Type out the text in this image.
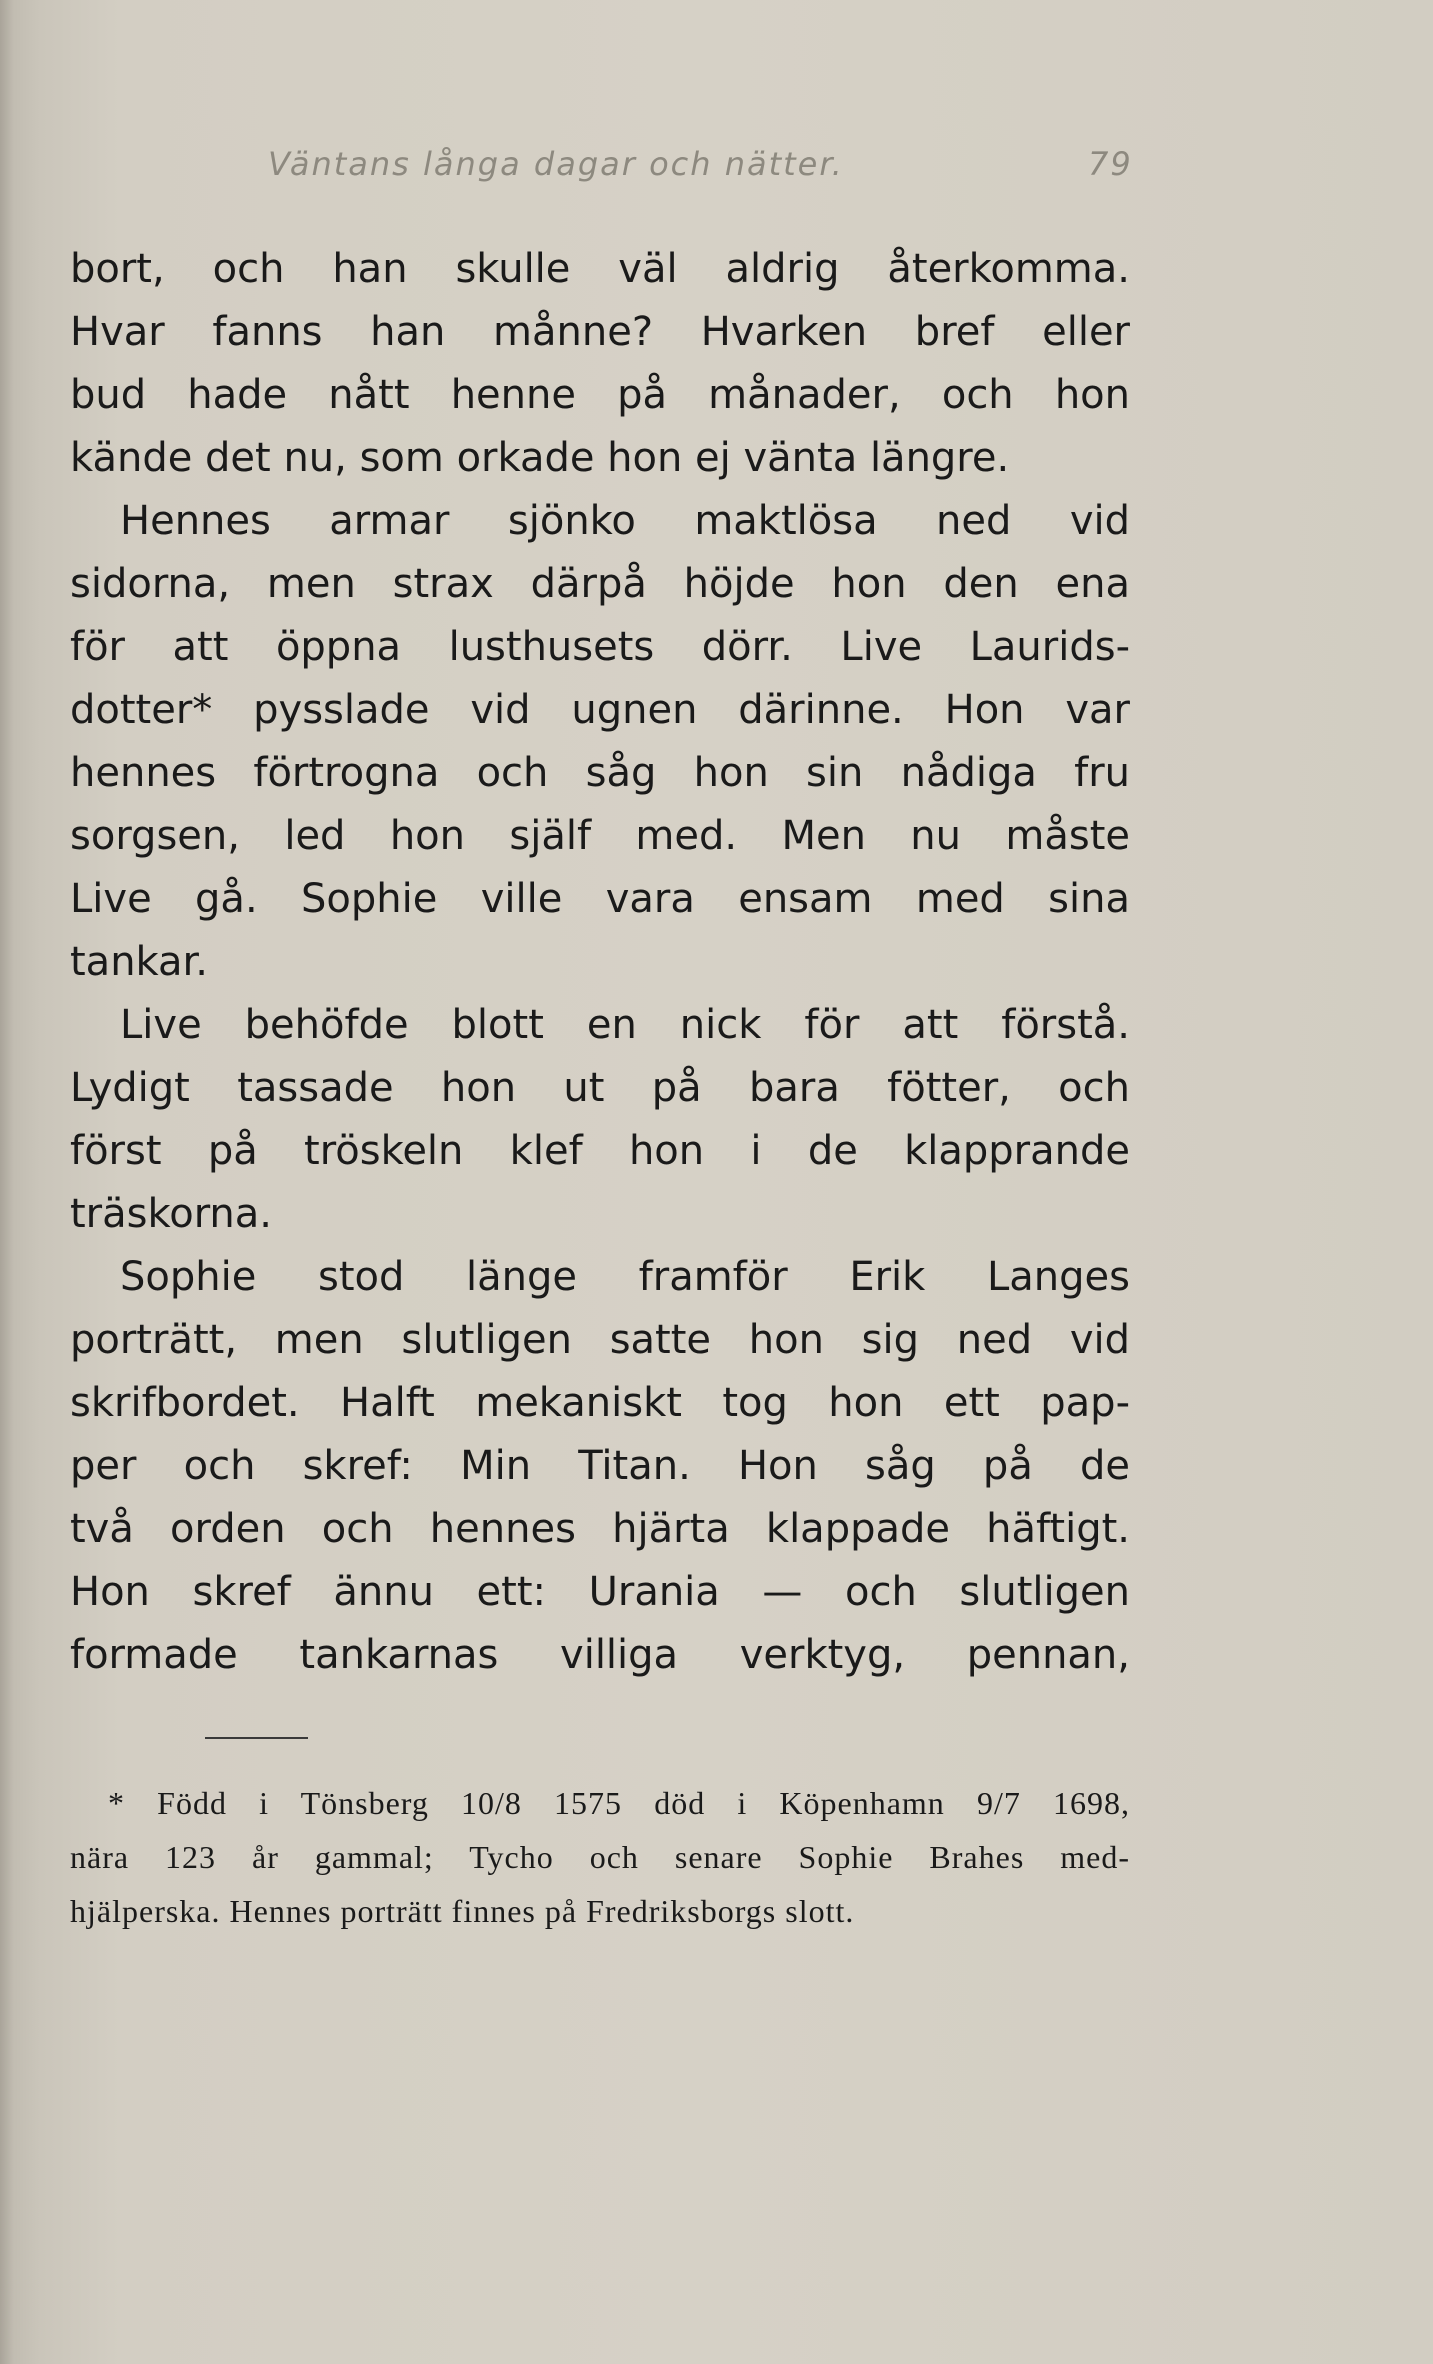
Väntans långa dagar och nätter.	79
bort, och han skulle väl aldrig återkomma.
Hvar fanns han månne? Hvarken bref eller
bud hade nått henne på månader, och hon
kände det nu, som orkade hon ej vänta längre.
Hennes armar sjönko maktlösa ned vid
sidorna, men strax därpå höjde hon den ena
för att öppna lusthusets dörr. Live Laurids-
dotter* pysslade vid ugnen därinne. Hon var
hennes förtrogna och såg hon sin nådiga fru
sorgsen, led hon själf med. Men nu måste
Live gå. Sophie ville vara ensam med sina
tankar.
Live behöfde blott en nick för att förstå.
Lydigt tassade hon ut på bara fötter, och
först på tröskeln klef hon i de klapprande
träskorna.
Sophie stod länge framför Erik Langes
porträtt, men slutligen satte hon sig ned vid
skrifbordet. Halft mekaniskt tog hon ett pap-
per och skref: Min Titan. Hon såg på de
två orden och hennes hjärta klappade häftigt.
Hon skref ännu ett: Urania — och slutligen
formade tankarnas villiga verktyg, pennan,
* Född i Tönsberg 10/8 1575 död i Köpenhamn 9/7 1698,
nära 123 år gammal; Tycho och senare Sophie Brahes med-
hjälperska. Hennes porträtt finnes på Fredriksborgs slott.
